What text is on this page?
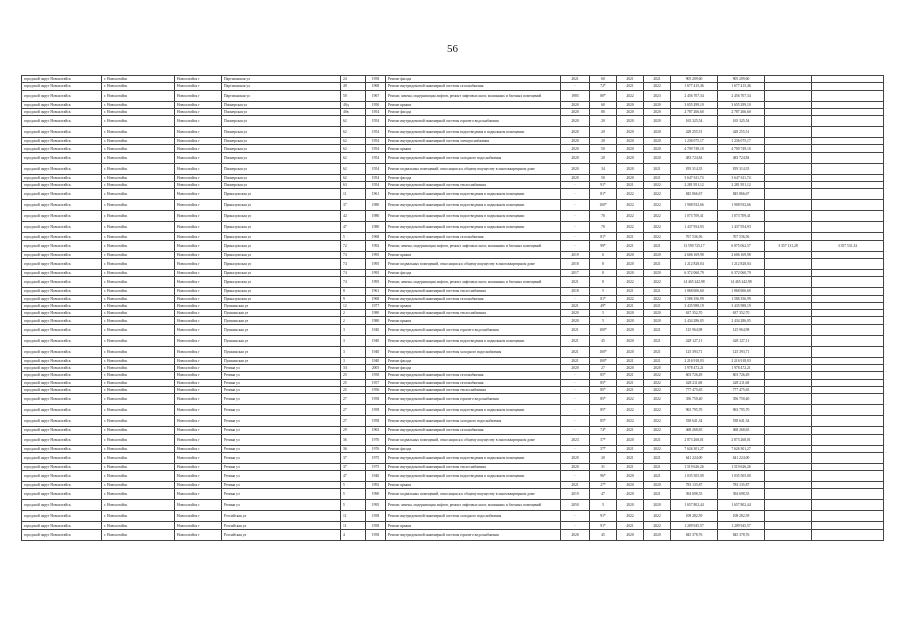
56
городской округ Новоалтайск	г. Новоалтайск	Новоалтайск г	Партизанская ул	24	1958	Ремонт фасада	2021	60	2021	2021	905 209,60	905 209,60		
городской округ Новоалтайск	г. Новоалтайск	Новоалтайск г	Партизанская ул	49	1968	Ремонт внутридомовой инженерной системы газоснабжения	-	72*	2021	2022	1 677 415,46	1 677 415,46		
городской округ Новоалтайск	г. Новоалтайск	Новоалтайск г	Партизанская ул	50	1967	Ремонт, замена, модернизация лифтов, ремонт лифтовых шахт, машинных и блочных помещений	1985	80*	2022	2023	2 456 707,34	2 456 707,34		
городской округ Новоалтайск	г. Новоалтайск	Новоалтайск г	Пионерская ул	40д	1950	Ремонт крыши	2020	60	2020	2020	3 655 299,10	3 655 299,10		
городской округ Новоалтайск	г. Новоалтайск	Новоалтайск г	Пионерская ул	40в	1954	Ремонт фасада	2020	80	2020	2020	2 787 266,60	2 787 266,60		
городской округ Новоалтайск	г. Новоалтайск	Новоалтайск г	Пионерская ул	62	1954	Ремонт внутридомовой инженерной системы горячего водоснабжения	2020	20	2020	2020	165 325,54	165 325,54		
городской округ Новоалтайск	г. Новоалтайск	Новоалтайск г	Пионерская ул	62	1954	Ремонт внутридомовой инженерной системы водоотведения в подвальном помещении	2020	20	2020	2020	428 255,51	428 255,51		
городской округ Новоалтайск	г. Новоалтайск	Новоалтайск г	Пионерская ул	62	1954	Ремонт внутридомовой инженерной системы электроснабжения	2020	20	2020	2020	1 236 075,17	1 236 075,17		
городской округ Новоалтайск	г. Новоалтайск	Новоалтайск г	Пионерская ул	62	1954	Ремонт крыши	2020	50	2020	2020	4 709 749,10	4 709 749,10		
городской округ Новоалтайск	г. Новоалтайск	Новоалтайск г	Пионерская ул	62	1954	Ремонт внутридомовой инженерной системы холодного водоснабжения	2020	20	2020	2020	483 724,84	483 724,84		
городской округ Новоалтайск	г. Новоалтайск	Новоалтайск г	Пионерская ул	62	1954	Ремонт подвальных помещений, относящихся к общему имуществу в многоквартирном доме	2020	34	2020	2021	819 314,35	819 314,35		
городской округ Новоалтайск	г. Новоалтайск	Новоалтайск г	Пионерская ул	62	1954	Ремонт фасада	2020	50	2020	2021	3 647 611,74	3 647 611,74		
городской округ Новоалтайск	г. Новоалтайск	Новоалтайск г	Пионерская ул	63	1954	Ремонт внутридомовой инженерной системы теплоснабжения	-	91*	2021	2022	2 281 951,12	2 281 951,12		
городской округ Новоалтайск	г. Новоалтайск	Новоалтайск г	Прикалужская ул	11	1961	Ремонт внутридомовой инженерной системы водоотведения в подвальном помещении	-	81*	2022	2022	845 866,67	845 866,67		
городской округ Новоалтайск	г. Новоалтайск	Новоалтайск г	Прикалужская ул	37	1980	Ремонт внутридомовой инженерной системы водоотведения в подвальном помещении	-	100*	2022	2022	1 908 932,66	1 908 932,66		
городской округ Новоалтайск	г. Новоалтайск	Новоалтайск г	Прикалужская ул	42	1980	Ремонт внутридомовой инженерной системы водоотведения в подвальном помещении	-	70	2022	2022	1 073 709,41	1 073 709,41		
городской округ Новоалтайск	г. Новоалтайск	Новоалтайск г	Прикалужская ул	47	1980	Ремонт внутридомовой инженерной системы водоотведения в подвальном помещении	-	70	2022	2022	1 437 954,93	1 437 954,93		
городской округ Новоалтайск	г. Новоалтайск	Новоалтайск г	Прикалужская ул	5	1968	Ремонт внутридомовой инженерной системы газоснабжения	-	81*	2021	2022	767 536,56	767 536,56		
городской округ Новоалтайск	г. Новоалтайск	Новоалтайск г	Прикалужская ул	72	1992	Ремонт, замена, модернизация лифтов, ремонт лифтовых шахт, машинных и блочных помещений	-	99*	2021	2021	13 590 725,17	6 875 062,57	3 357 131,28	3 357 531,32
городской округ Новоалтайск	г. Новоалтайск	Новоалтайск г	Прикалужская ул	74	1995	Ремонт крыши	2019	6	2020	2020	2 606 169,98	2 606 169,98		
городской округ Новоалтайск	г. Новоалтайск	Новоалтайск г	Прикалужская ул	74	1995	Ремонт подвальных помещений, относящихся к общему имуществу в многоквартирном доме	2018	8	2020	2021	1 212 828,04	1 212 828,04		
городской округ Новоалтайск	г. Новоалтайск	Новоалтайск г	Прикалужская ул	74	1995	Ремонт фасада	2017	8	2020	2020	6 372 060,79	6 372 060,79		
городской округ Новоалтайск	г. Новоалтайск	Новоалтайск г	Прикалужская ул	74	1995	Ремонт, замена, модернизация лифтов, ремонт лифтовых шахт, машинных и блочных помещений	2021	8	2022	2022	14 465 242,98	14 465 242,98		
городской округ Новоалтайск	г. Новоалтайск	Новоалтайск г	Прикалужская ул	8	1961	Ремонт внутридомовой инженерной системы теплоснабжения	2018	5	2021	2021	1 868 606,60	1 868 606,60		
городской округ Новоалтайск	г. Новоалтайск	Новоалтайск г	Прикалужская ул	9	1968	Ремонт внутридомовой инженерной системы газоснабжения	-	81*	2022	2022	1 586 356,99	1 586 356,99		
городской округ Новоалтайск	г. Новоалтайск	Новоалтайск г	Пушкинская ул	12	1977	Ремонт крыши	2021	49*	2021	2021	3 435 988,19	3 435 988,19		
городской округ Новоалтайск	г. Новоалтайск	Новоалтайск г	Пушкинская ул	2	1980	Ремонт внутридомовой инженерной системы теплоснабжения	2020	5	2020	2020	637 352,70	637 352,70		
городской округ Новоалтайск	г. Новоалтайск	Новоалтайск г	Пушкинская ул	2	1980	Ремонт крыши	2020	5	2020	2020	2 434 286,05	2 434 286,05		
городской округ Новоалтайск	г. Новоалтайск	Новоалтайск г	Пушкинская ул	3	1940	Ремонт внутридомовой инженерной системы горячего водоснабжения	2021	100*	2020	2021	125 964,98	125 964,98		
городской округ Новоалтайск	г. Новоалтайск	Новоалтайск г	Пушкинская ул	3	1940	Ремонт внутридомовой инженерной системы водоотведения в подвальном помещении	2021	45	2020	2021	428 127,11	428 127,11		
городской округ Новоалтайск	г. Новоалтайск	Новоалтайск г	Пушкинская ул	3	1940	Ремонт внутридомовой инженерной системы холодного водоснабжения	2021	100*	2020	2021	125 393,71	125 393,71		
городской округ Новоалтайск	г. Новоалтайск	Новоалтайск г	Пушкинская ул	3	1940	Ремонт фасада	2021	100*	2021	2021	2 216 918,03	2 216 918,03		
городской округ Новоалтайск	г. Новоалтайск	Новоалтайск г	Репина ул	3/1	2005	Ремонт фасада	2020	27	2020	2020	1 978 472,21	1 978 472,21		
городской округ Новоалтайск	г. Новоалтайск	Новоалтайск г	Репина ул	25	1958	Ремонт внутридомовой инженерной системы газоснабжения	-	85*	2021	2022	603 726,49	603 726,49		
городской округ Новоалтайск	г. Новоалтайск	Новоалтайск г	Репина ул	25	1957	Ремонт внутридомовой инженерной системы газоснабжения	-	85*	2021	2022	428 211,68	428 211,68		
городской округ Новоалтайск	г. Новоалтайск	Новоалтайск г	Репина ул	25	1956	Ремонт внутридомовой инженерной системы теплоснабжения	-	85*	2021	2022	777 475,65	777 475,65		
городской округ Новоалтайск	г. Новоалтайск	Новоалтайск г	Репина ул	27	1958	Ремонт внутридомовой инженерной системы горячего водоснабжения	-	85*	2022	2022	356 750,40	356 750,40		
городской округ Новоалтайск	г. Новоалтайск	Новоалтайск г	Репина ул	27	1958	Ремонт внутридомовой инженерной системы водоотведения в подвальном помещении	-	85*	2022	2022	963 795,70	963 795,70		
городской округ Новоалтайск	г. Новоалтайск	Новоалтайск г	Репина ул	27	1958	Ремонт внутридомовой инженерной системы холодного водоснабжения	-	85*	2022	2022	538 641,34	538 641,34		
городской округ Новоалтайск	г. Новоалтайск	Новоалтайск г	Репина ул	29	1963	Ремонт внутридомовой инженерной системы газоснабжения	-	74*	2021	2022	468 268,65	468 268,65		
городской округ Новоалтайск	г. Новоалтайск	Новоалтайск г	Репина ул	36	1976	Ремонт подвальных помещений, относящихся к общему имуществу в многоквартирном доме	2023	57*	2020	2021	2 873 268,01	2 873 268,01		
городской округ Новоалтайск	г. Новоалтайск	Новоалтайск г	Репина ул	36	1976	Ремонт фасада	-	57*	2021	2022	7 626 301,27	7 626 301,27		
городской округ Новоалтайск	г. Новоалтайск	Новоалтайск г	Репина ул	37	1975	Ремонт внутридомовой инженерной системы водоотведения в подвальном помещении	2020	20	2021	2021	641 224,00	641 224,00		
городской округ Новоалтайск	г. Новоалтайск	Новоалтайск г	Репина ул	37	1975	Ремонт внутридомовой инженерной системы теплоснабжения	2020	31	2021	2021	1 519 626,26	1 519 626,26		
городской округ Новоалтайск	г. Новоалтайск	Новоалтайск г	Репина ул	47	1940	Ремонт внутридомовой инженерной системы водоотведения в подвальном помещении	-	96*	2020	2021	1 035 505,00	1 035 505,00		
городской округ Новоалтайск	г. Новоалтайск	Новоалтайск г	Репина ул	5	1992	Ремонт крыши	2021	27*	2020	2020	783 135,87	783 135,87		
городской округ Новоалтайск	г. Новоалтайск	Новоалтайск г	Репина ул	5	1990	Ремонт подвальных помещений, относящихся к общему имуществу в многоквартирном доме	2019	47	2020	2021	394 698,35	394 698,35		
городской округ Новоалтайск	г. Новоалтайск	Новоалтайск г	Репина ул	5	1995	Ремонт, замена, модернизация лифтов, ремонт лифтовых шахт, машинных и блочных помещений	2050	5	2020	2020	1 657 802,44	1 657 802,44		
городской округ Новоалтайск	г. Новоалтайск	Новоалтайск г	Российская ул	11	1958	Ремонт внутридомовой инженерной системы холодного водоснабжения	-	91*	2022	2022	108 282,59	108 282,59		
городской округ Новоалтайск	г. Новоалтайск	Новоалтайск г	Российская ул	11	1958	Ремонт крыши	-	91*	2021	2022	1 209 945,57	1 209 945,57		
городской округ Новоалтайск	г. Новоалтайск	Новоалтайск г	Российская ул	4	1958	Ремонт внутридомовой инженерной системы горячего водоснабжения	2020	45	2020	2020	845 378,76	845 378,76		
